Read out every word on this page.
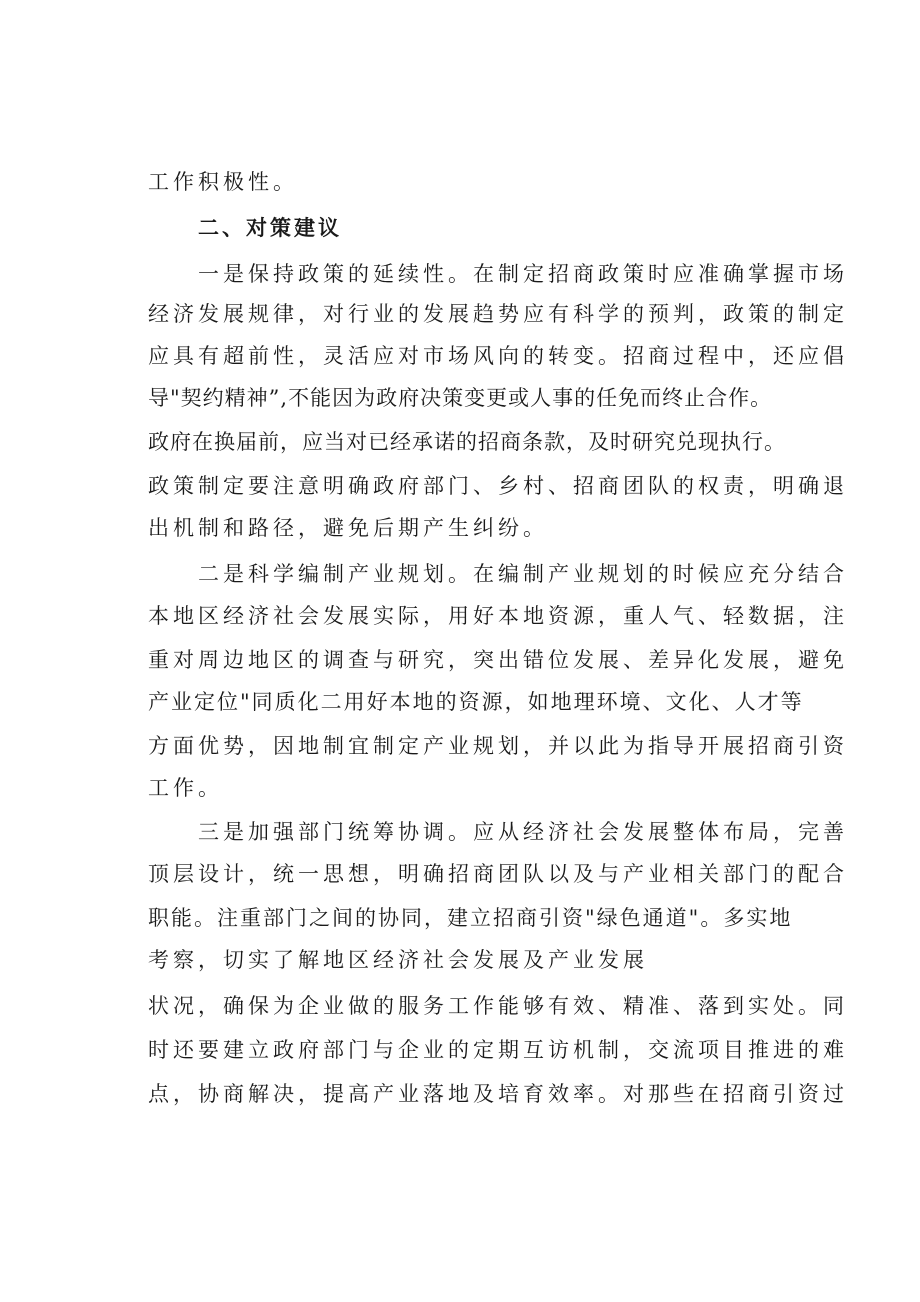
工作积极性。
二、对策建议
一是保持政策的延续性。在制定招商政策时应准确掌握市场
经济发展规律，对行业的发展趋势应有科学的预判，政策的制定
应具有超前性，灵活应对市场风向的转变。招商过程中，还应倡
导"契约精神”,不能因为政府决策变更或人事的任免而终止合作。
政府在换届前，应当对已经承诺的招商条款，及时研究兑现执行。
政策制定要注意明确政府部门、乡村、招商团队的权责，明确退
出机制和路径，避免后期产生纠纷。
二是科学编制产业规划。在编制产业规划的时候应充分结合
本地区经济社会发展实际，用好本地资源，重人气、轻数据，注
重对周边地区的调查与研究，突出错位发展、差异化发展，避免
产业定位"同质化二用好本地的资源，如地理环境、文化、人才等
方面优势，因地制宜制定产业规划，并以此为指导开展招商引资
工作。
三是加强部门统筹协调。应从经济社会发展整体布局，完善
顶层设计，统一思想，明确招商团队以及与产业相关部门的配合
职能。注重部门之间的协同，建立招商引资"绿色通道"。多实地
考察，切实了解地区经济社会发展及产业发展
状况，确保为企业做的服务工作能够有效、精准、落到实处。同
时还要建立政府部门与企业的定期互访机制，交流项目推进的难
点，协商解决，提高产业落地及培育效率。对那些在招商引资过
